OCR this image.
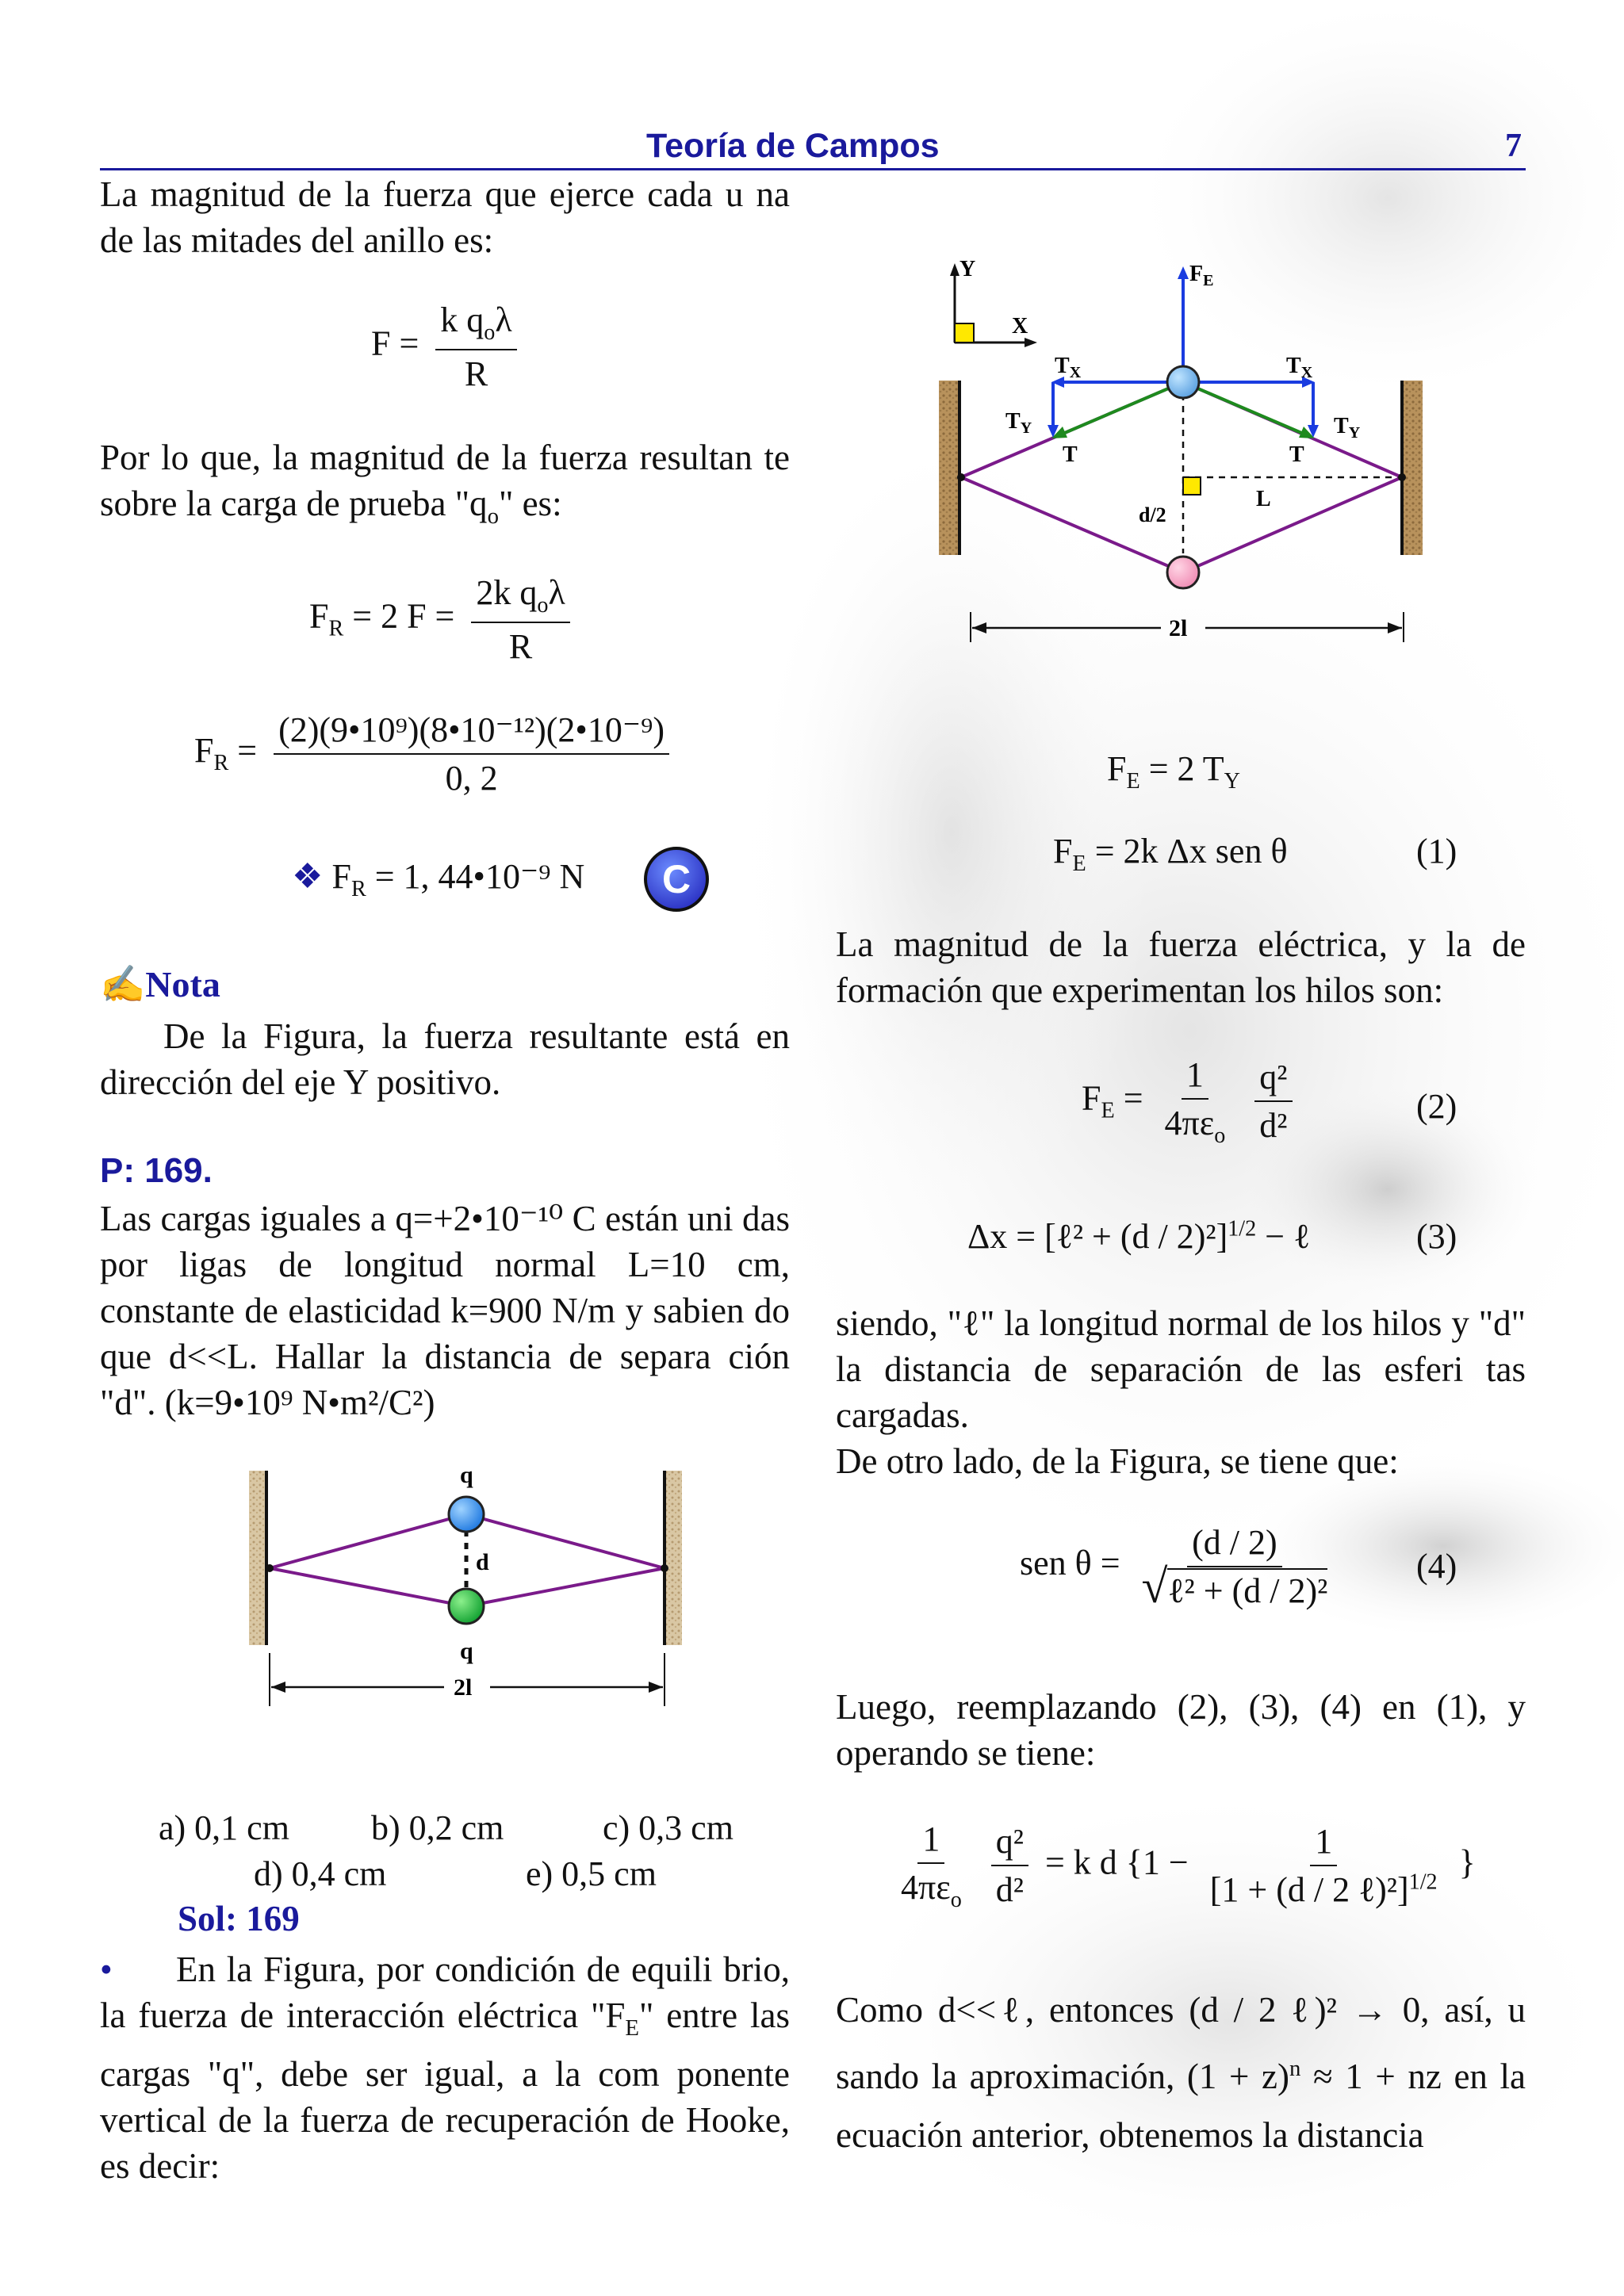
Teoría de Campos	7
La magnitud de la fuerza que ejerce cada u na de las mitades del anillo es:
$F = \frac{k q_o\lambda}{R}$
Por lo que, la magnitud de la fuerza resultan te sobre la carga de prueba "$q_o$" es:
$F_R = 2$ $F = \frac{2k q_o\lambda}{R}$
$F_R = \frac{\text{(2)(9•10⁹)(8•10⁻¹²)(2•10⁻⁹)}}{0, 2}$
❖ $F_R = 1$, 44•10⁻⁹ N	C
✍Nota
De la Figura, la fuerza resultante está en dirección del eje Y positivo.
P: 169.
Las cargas iguales a q=+2•10⁻¹⁰ C están uni das por ligas de longitud normal L=10 cm, constante de elasticidad k=900 N/m y sabien do que d<<L. Hallar la distancia de separa ción "d". (k=9•10⁹ N•m²/C²)
q
d
q
2l
a) 0,1 cm b) 0,2 cm	c) 0,3 cm
d) 0,4 cm	e) 0,5 cm
Sol: 169
•	En la Figura, por condición de equili brio, la fuerza de interacción eléctrica "$F_E$" entre las cargas "q", debe ser igual, a la com ponente vertical de la fuerza de recuperación de Hooke, es decir:
Y
X
$F_E$
$T_X$	$T_X$
$T_Y$	$T_Y$
T	T
L
d/2
2l
$F_E = 2$ $T_Y$
$F_E = 2k$ Δx sen θ	(1)
La magnitud de la fuerza eléctrica, y la de formación que experimentan los hilos son:
$F_E = \frac{1}{4\pi\varepsilon_o}$
$\frac{\text{q²}}{\text{d²}}$	(2)
Δx = [ℓ² + (d / 2)²]$^{1/2}$ − ℓ	(3)
siendo, "ℓ" la longitud normal de los hilos y "d" la distancia de separación de las esferi tas cargadas.
De otro lado, de la Figura, se tiene que:
sen $\theta = \frac{(d / 2)}{\text{√ℓ² + (d / 2)²}} (4)$
Luego, reemplazando (2), (3), (4) en (1), y operando se tiene:
$\frac{1}{4\pi\varepsilon_o}$
$\frac{\text{q²}}{\text{d²}} = k$ d {$1 - \frac{1}{[1 + (d / 2 \ell)^2]^{1/2}}$ }
Como d<<ℓ, entonces (d / 2 ℓ)² → 0, así, u sando la aproximación, $(1 + z)^n \approx 1$ + nz en la ecuación anterior, obtenemos la distancia
